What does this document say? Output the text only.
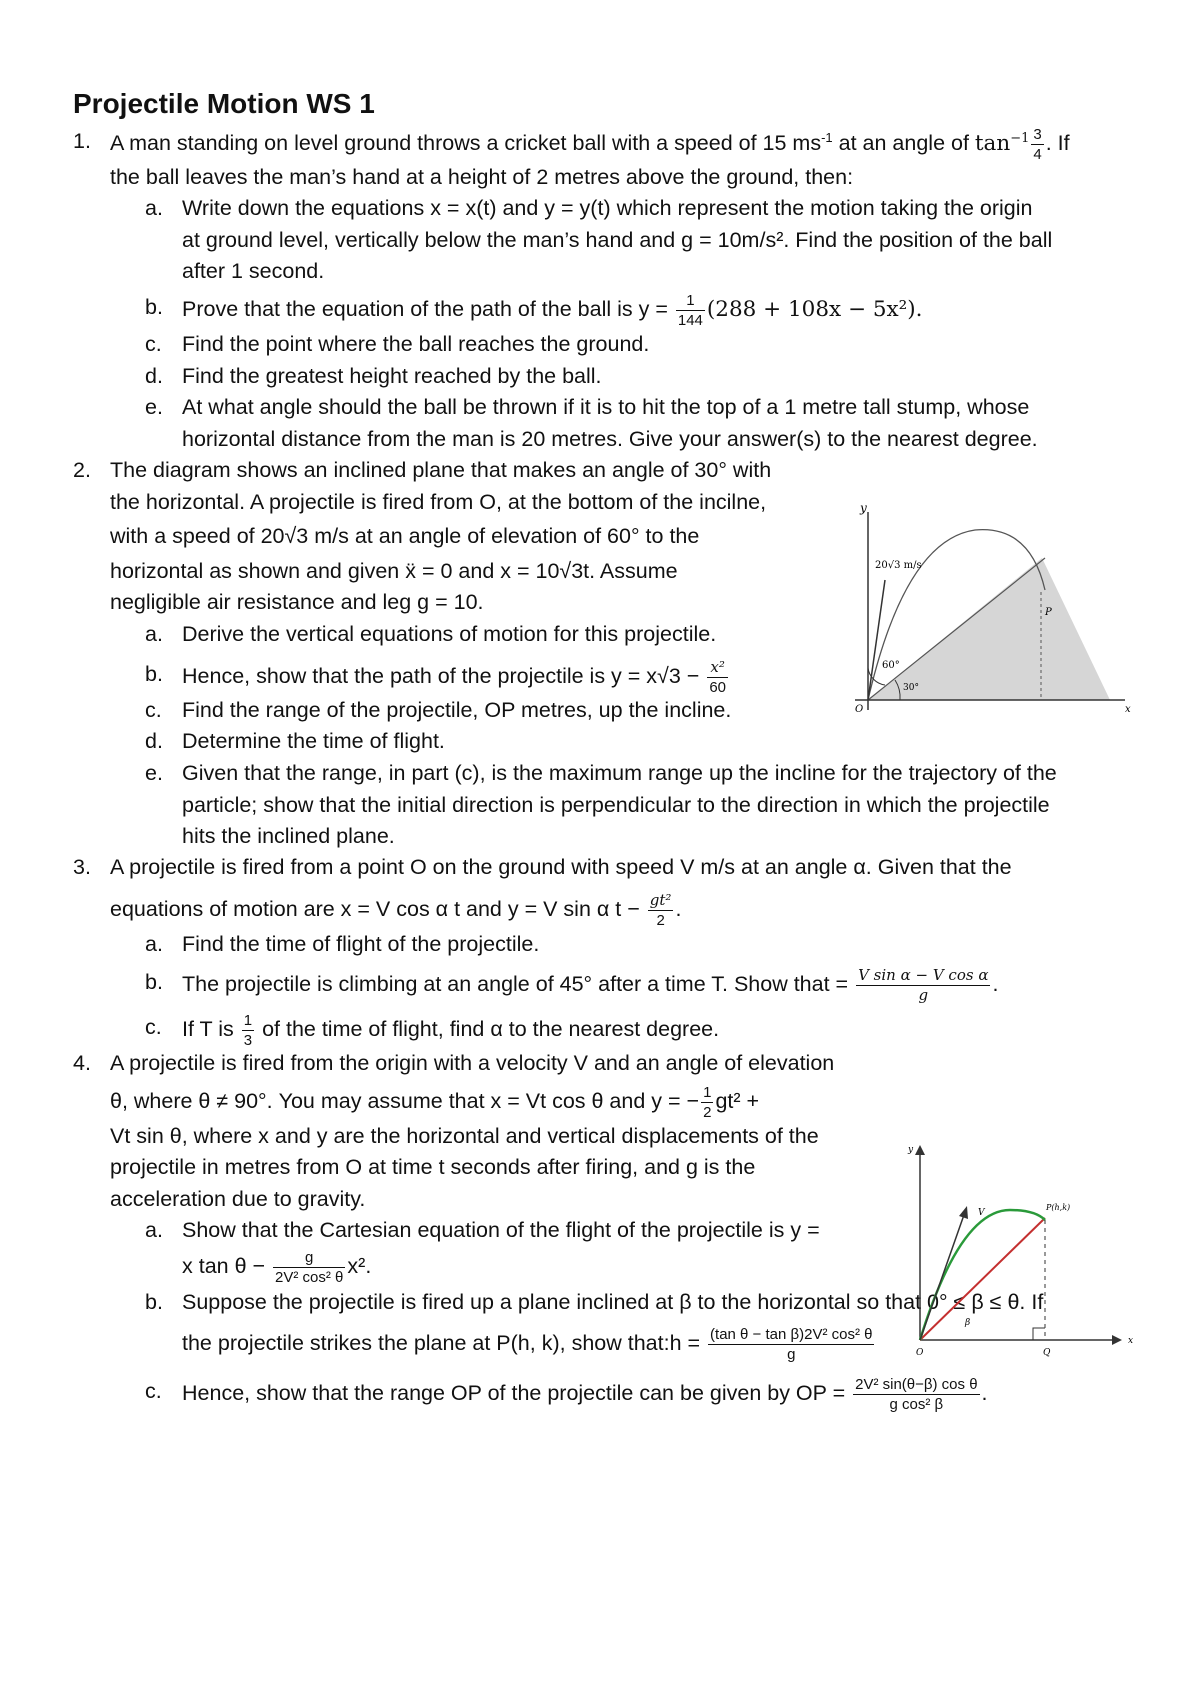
Projectile Motion WS 1
1. A man standing on level ground throws a cricket ball with a speed of 15 $ms^{-1}$ at an angle of $\tan^{-1} \frac{3}{4}$ . If
the ball leaves the man’s hand at a height of 2 metres above the ground, then:
a. Write down the equations x = x(t) and y = y(t) which represent the motion taking the origin
at ground level, vertically below the man’s hand and g = 10m/s². Find the position of the ball
after 1 second.
b. Prove that the equation of the path of the ball is $y = \frac{1}{144} (288 + 108x - 5x^2)$.
c. Find the point where the ball reaches the ground.
d. Find the greatest height reached by the ball.
e. At what angle should the ball be thrown if it is to hit the top of a 1 metre tall stump, whose
horizontal distance from the man is 20 metres. Give your answer(s) to the nearest degree.
2. The diagram shows an inclined plane that makes an angle of 30° with
the horizontal. A projectile is fired from O, at the bottom of the incilne,
with a speed of 20√3 m/s at an angle of elevation of 60° to the
horizontal as shown and given ẍ = 0 and x = 10√3t. Assume
negligible air resistance and leg g = 10.
a. Derive the vertical equations of motion for this projectile.
b. Hence, show that the path of the projectile is $y = x√3 - \frac{\text{x²}}{60}$
c. Find the range of the projectile, OP metres, up the incline.
d. Determine the time of flight.
e. Given that the range, in part (c), is the maximum range up the incline for the trajectory of the
particle; show that the initial direction is perpendicular to the direction in which the projectile
hits the inclined plane.
y
x
O
20√3 m/s
60°
30°
P
3. A projectile is fired from a point O on the ground with speed V m/s at an angle α. Given that the
equations of motion are x = V cos α t and y = V sin α $t - \frac{\text{gt²}}{2}$ .
a. Find the time of flight of the projectile.
b. The projectile is climbing at an angle of 45° after a time T. Show that = $\frac{\text{V sin α − V cos α}}{g}$ .
c. If T is $\frac{1}{3}$ of the time of flight, find α to the nearest degree.
4. A projectile is fired from the origin with a velocity V and an angle of elevation
θ, where θ ≠ 90°. You may assume that x = Vt cos θ and y = − $\frac{1}{2} gt^2$ +
Vt sin θ, where x and y are the horizontal and vertical displacements of the
projectile in metres from O at time t seconds after firing, and g is the
acceleration due to gravity.
a. Show that the Cartesian equation of the flight of the projectile is y =
x $\tan \theta - \frac{g}{\text{2V² cos² θ}} x^2$.
b. Suppose the projectile is fired up a plane inclined at β to the horizontal so that 0° ≤ β ≤ θ. If
the projectile strikes the plane at P(h, k), show that:h = $\frac{\text{(tan θ − tan β)2V² cos² θ}}{g}$
c. Hence, show that the range OP of the projectile can be given by OP = $\frac{\text{2V² sin(θ−β) cos θ}}{\text{g cos² β}}$ .
y
x
O	Q
V
P(h,k)
β
